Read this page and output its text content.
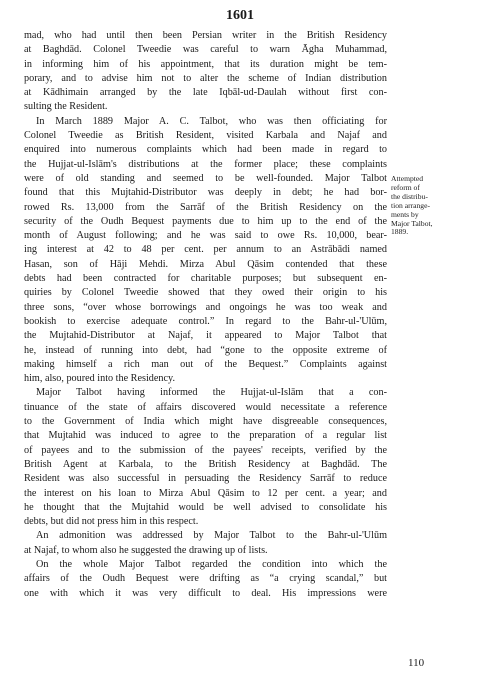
1601
mad, who had until then been Persian writer in the British Residency
at Baghdād. Colonel Tweedie was careful to warn Āgha Muhammad,
in informing him of his appointment, that its duration might be tem-
porary, and to advise him not to alter the scheme of Indian distribution
at Kādhimain arranged by the late Iqbāl-ud-Daulah without first con-
sulting the Resident.
In March 1889 Major A. C. Talbot, who was then officiating for
Colonel Tweedie as British Resident, visited Karbala and Najaf and
enquired into numerous complaints which had been made in regard to
the Hujjat-ul-Islām's distributions at the former place; these complaints
were of old standing and seemed to be well-founded. Major Talbot
found that this Mujtahid-Distributor was deeply in debt; he had bor-
rowed Rs. 13,000 from the Sarrāf of the British Residency on the
security of the Oudh Bequest payments due to him up to the end of the
month of August following; and he was said to owe Rs. 10,000, bear-
ing interest at 42 to 48 per cent. per annum to an Astrābādi named
Hasan, son of Hāji Mehdi. Mirza Abul Qāsim contended that these
debts had been contracted for charitable purposes; but subsequent en-
quiries by Colonel Tweedie showed that they owed their origin to his
three sons, “over whose borrowings and ongoings he was too weak and
bookish to exercise adequate control.” In regard to the Bahr-ul-'Ulūm,
the Mujtahid-Distributor at Najaf, it appeared to Major Talbot that
he, instead of running into debt, had “gone to the opposite extreme of
making himself a rich man out of the Bequest.” Complaints against
him, also, poured into the Residency.
Major Talbot having informed the Hujjat-ul-Islām that a con-
tinuance of the state of affairs discovered would necessitate a reference
to the Government of India which might have disgreeable consequences,
that Mujtahid was induced to agree to the preparation of a regular list
of payees and to the submission of the payees' receipts, verified by the
British Agent at Karbala, to the British Residency at Baghdād. The
Resident was also successful in persuading the Residency Sarrāf to reduce
the interest on his loan to Mirza Abul Qāsim to 12 per cent. a year; and
he thought that the Mujtahid would be well advised to consolidate his
debts, but did not press him in this respect.
An admonition was addressed by Major Talbot to the Bahr-ul-'Ulūm
at Najaf, to whom also he suggested the drawing up of lists.
On the whole Major Talbot regarded the condition into which the
affairs of the Oudh Bequest were drifting as “a crying scandal,” but
one with which it was very difficult to deal. His impressions were
Attempted
reform of
the distribu-
tion arrange-
ments by
Major Talbot,
1889.
110
